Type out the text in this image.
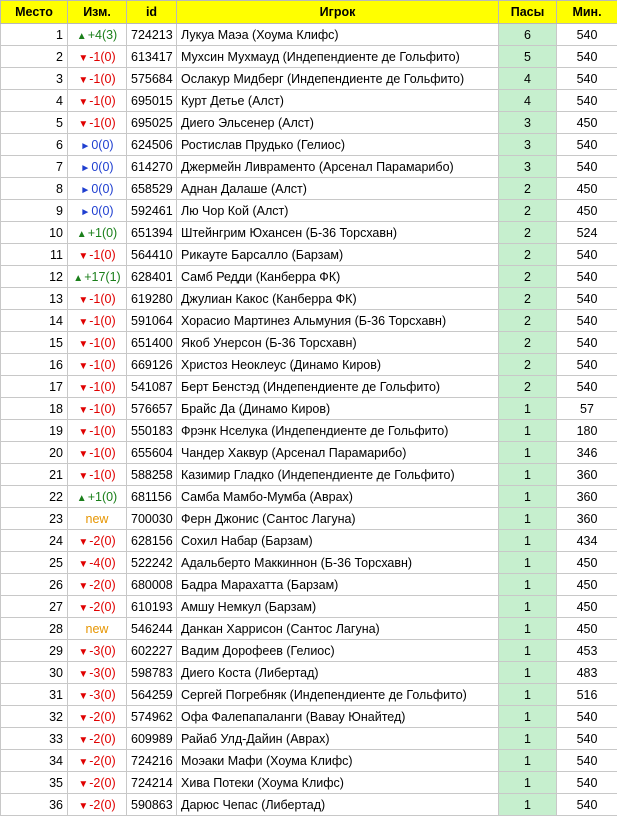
Место	Изм.	id	Игрок	Пасы	Мин.
1	▲+4(3)	724213	Лукуа Маэа (Хоума Клифс)	6	540
2	▼-1(0)	613417	Мухсин Мухмауд (Индепендиенте де Гольфито)	5	540
3	▼-1(0)	575684	Ослакур Мидберг (Индепендиенте де Гольфито)	4	540
4	▼-1(0)	695015	Курт Детье (Алст)	4	540
5	▼-1(0)	695025	Диего Эльсенер (Алст)	3	450
6	►0(0)	624506	Ростислав Прудько (Гелиос)	3	540
7	►0(0)	614270	Джермейн Ливраменто (Арсенал Парамарибо)	3	540
8	►0(0)	658529	Аднан Далаше (Алст)	2	450
9	►0(0)	592461	Лю Чор Кой (Алст)	2	450
10	▲+1(0)	651394	Штейнгрим Юхансен (Б-36 Торсхавн)	2	524
11	▼-1(0)	564410	Рикауте Барсалло (Барзам)	2	540
12	▲+17(1)	628401	Самб Редди (Канберра ФК)	2	540
13	▼-1(0)	619280	Джулиан Какос (Канберра ФК)	2	540
14	▼-1(0)	591064	Хорасио Мартинез Альмуния (Б-36 Торсхавн)	2	540
15	▼-1(0)	651400	Якоб Унерсон (Б-36 Торсхавн)	2	540
16	▼-1(0)	669126	Христоз Неоклеус (Динамо Киров)	2	540
17	▼-1(0)	541087	Берт Бенстэд (Индепендиенте де Гольфито)	2	540
18	▼-1(0)	576657	Брайс Да (Динамо Киров)	1	57
19	▼-1(0)	550183	Фрэнк Нселука (Индепендиенте де Гольфито)	1	180
20	▼-1(0)	655604	Чандер Хаквур (Арсенал Парамарибо)	1	346
21	▼-1(0)	588258	Казимир Гладко (Индепендиенте де Гольфито)	1	360
22	▲+1(0)	681156	Самба Мамбо-Мумба (Аврах)	1	360
23	new	700030	Ферн Джонис (Сантос Лагуна)	1	360
24	▼-2(0)	628156	Сохил Набар (Барзам)	1	434
25	▼-4(0)	522242	Адальберто Маккиннон (Б-36 Торсхавн)	1	450
26	▼-2(0)	680008	Бадра Марахатта (Барзам)	1	450
27	▼-2(0)	610193	Амшу Немкул (Барзам)	1	450
28	new	546244	Данкан Харрисон (Сантос Лагуна)	1	450
29	▼-3(0)	602227	Вадим Дорофеев (Гелиос)	1	453
30	▼-3(0)	598783	Диего Коста (Либертад)	1	483
31	▼-3(0)	564259	Сергей Погребняк (Индепендиенте де Гольфито)	1	516
32	▼-2(0)	574962	Офа Фалепапаланги (Вавау Юнайтед)	1	540
33	▼-2(0)	609989	Райаб Улд-Дайин (Аврах)	1	540
34	▼-2(0)	724216	Моэаки Мафи (Хоума Клифс)	1	540
35	▼-2(0)	724214	Хива Потеки (Хоума Клифс)	1	540
36	▼-2(0)	590863	Дарюс Чепас (Либертад)	1	540
